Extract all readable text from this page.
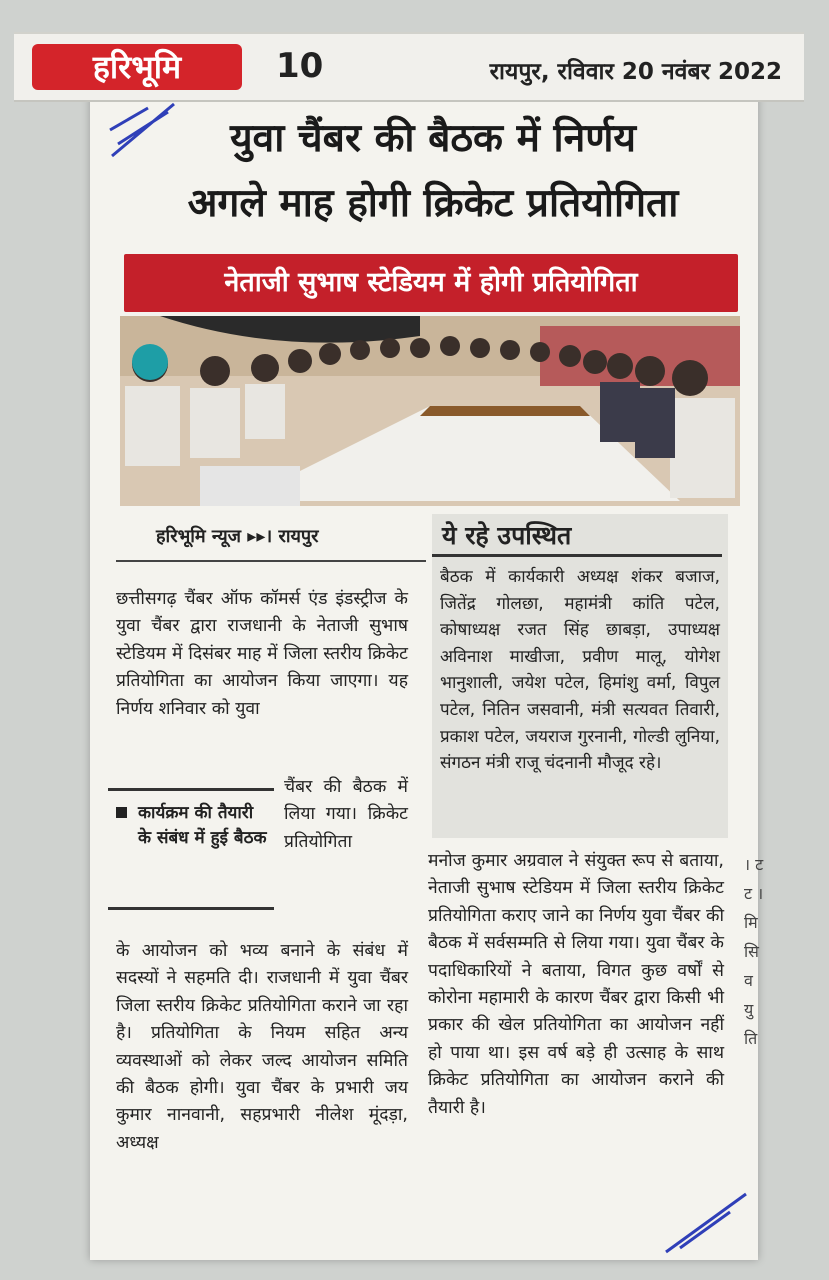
हरिभूमि	10	रायपुर, रविवार 20 नवंबर 2022
युवा चैंबर की बैठक में निर्णय
अगले माह होगी क्रिकेट प्रतियोगिता
नेताजी सुभाष स्टेडियम में होगी प्रतियोगिता
हरिभूमि न्यूज ▸▸। रायपुर
छत्तीसगढ़ चैंबर ऑफ कॉमर्स एंड इंडस्ट्रीज के युवा चैंबर द्वारा राजधानी के नेताजी सुभाष स्टेडियम में दिसंबर माह में जिला स्तरीय क्रिकेट प्रतियोगिता का आयोजन किया जाएगा। यह निर्णय शनिवार को युवा
चैंबर की बैठक में लिया गया। क्रिकेट प्रतियोगिता
कार्यक्रम की तैयारी के संबंध में हुई बैठक
के आयोजन को भव्य बनाने के संबंध में सदस्यों ने सहमति दी। राजधानी में युवा चैंबर जिला स्तरीय क्रिकेट प्रतियोगिता कराने जा रहा है। प्रतियोगिता के नियम सहित अन्य व्यवस्थाओं को लेकर जल्द आयोजन समिति की बैठक होगी। युवा चैंबर के प्रभारी जय कुमार नानवानी, सहप्रभारी नीलेश मूंदड़ा, अध्यक्ष
ये रहे उपस्थित
बैठक में कार्यकारी अध्यक्ष शंकर बजाज, जितेंद्र गोलछा, महामंत्री कांति पटेल, कोषाध्यक्ष रजत सिंह छाबड़ा, उपाध्यक्ष अविनाश माखीजा, प्रवीण मालू, योगेश भानुशाली, जयेश पटेल, हिमांशु वर्मा, विपुल पटेल, नितिन जसवानी, मंत्री सत्यवत तिवारी, प्रकाश पटेल, जयराज गुरनानी, गोल्डी लुनिया, संगठन मंत्री राजू चंदनानी मौजूद रहे।
मनोज कुमार अग्रवाल ने संयुक्त रूप से बताया, नेताजी सुभाष स्टेडियम में जिला स्तरीय क्रिकेट प्रतियोगिता कराए जाने का निर्णय युवा चैंबर की बैठक में सर्वसम्मति से लिया गया। युवा चैंबर के पदाधिकारियों ने बताया, विगत कुछ वर्षों से कोरोना महामारी के कारण चैंबर द्वारा किसी भी प्रकार की खेल प्रतियोगिता का आयोजन नहीं हो पाया था। इस वर्ष बड़े ही उत्साह के साथ क्रिकेट प्रतियोगिता का आयोजन कराने की तैयारी है।
। ट ट । मि सि व यु ति
